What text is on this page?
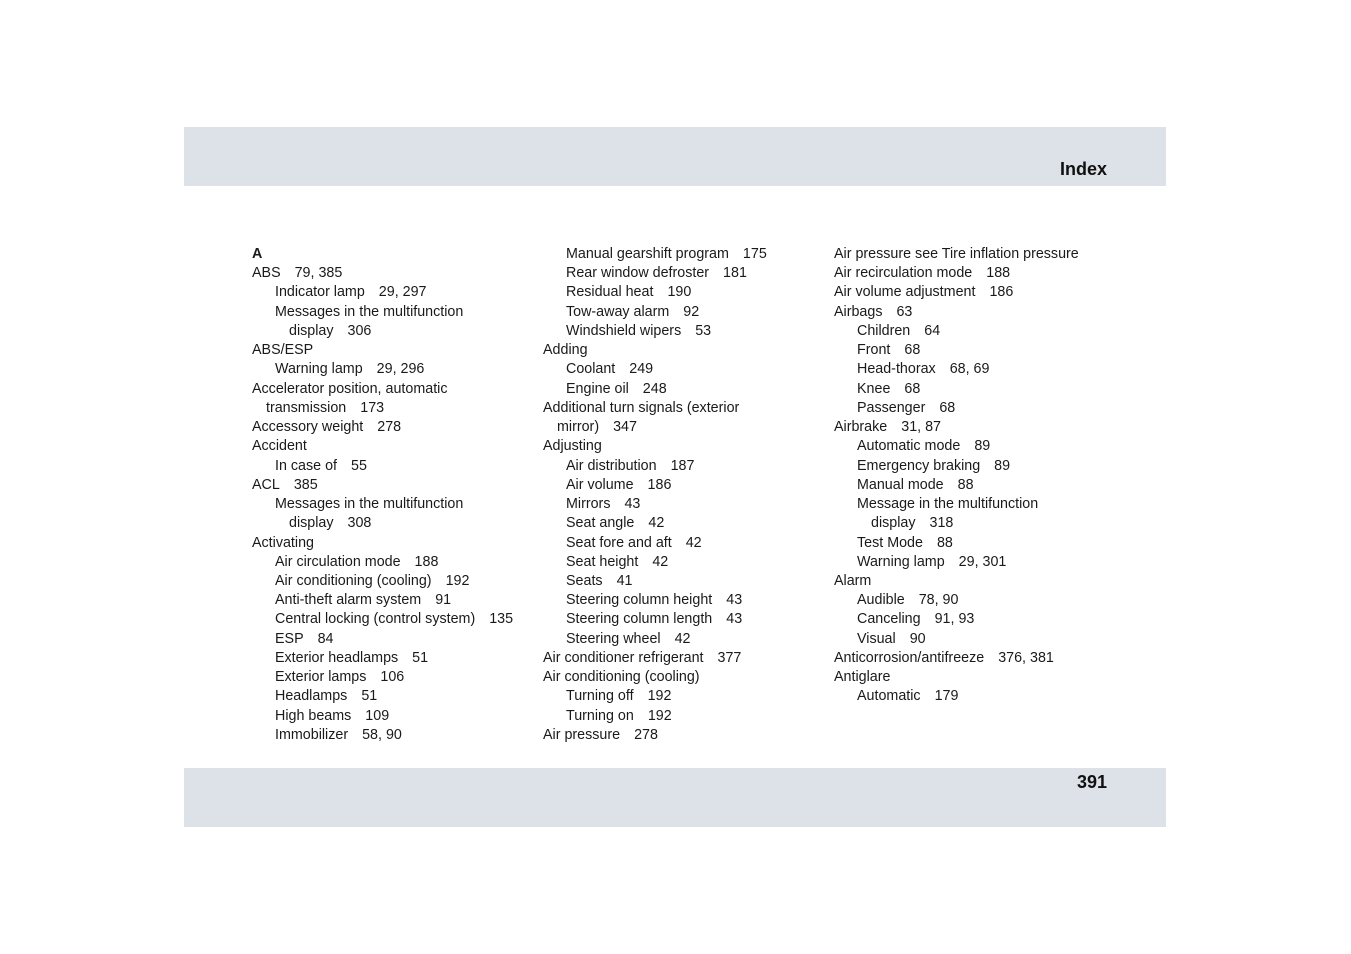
Index
A
ABS 79, 385
Indicator lamp 29, 297
Messages in the multifunction
display 306
ABS/ESP
Warning lamp 29, 296
Accelerator position, automatic
transmission 173
Accessory weight 278
Accident
In case of 55
ACL 385
Messages in the multifunction
display 308
Activating
Air circulation mode 188
Air conditioning (cooling) 192
Anti-theft alarm system 91
Central locking (control system) 135
ESP 84
Exterior headlamps 51
Exterior lamps 106
Headlamps 51
High beams 109
Immobilizer 58, 90
Manual gearshift program 175
Rear window defroster 181
Residual heat 190
Tow-away alarm 92
Windshield wipers 53
Adding
Coolant 249
Engine oil 248
Additional turn signals (exterior
mirror) 347
Adjusting
Air distribution 187
Air volume 186
Mirrors 43
Seat angle 42
Seat fore and aft 42
Seat height 42
Seats 41
Steering column height 43
Steering column length 43
Steering wheel 42
Air conditioner refrigerant 377
Air conditioning (cooling)
Turning off 192
Turning on 192
Air pressure 278
Air pressure see Tire inflation pressure
Air recirculation mode 188
Air volume adjustment 186
Airbags 63
Children 64
Front 68
Head-thorax 68, 69
Knee 68
Passenger 68
Airbrake 31, 87
Automatic mode 89
Emergency braking 89
Manual mode 88
Message in the multifunction
display 318
Test Mode 88
Warning lamp 29, 301
Alarm
Audible 78, 90
Canceling 91, 93
Visual 90
Anticorrosion/antifreeze 376, 381
Antiglare
Automatic 179
391
